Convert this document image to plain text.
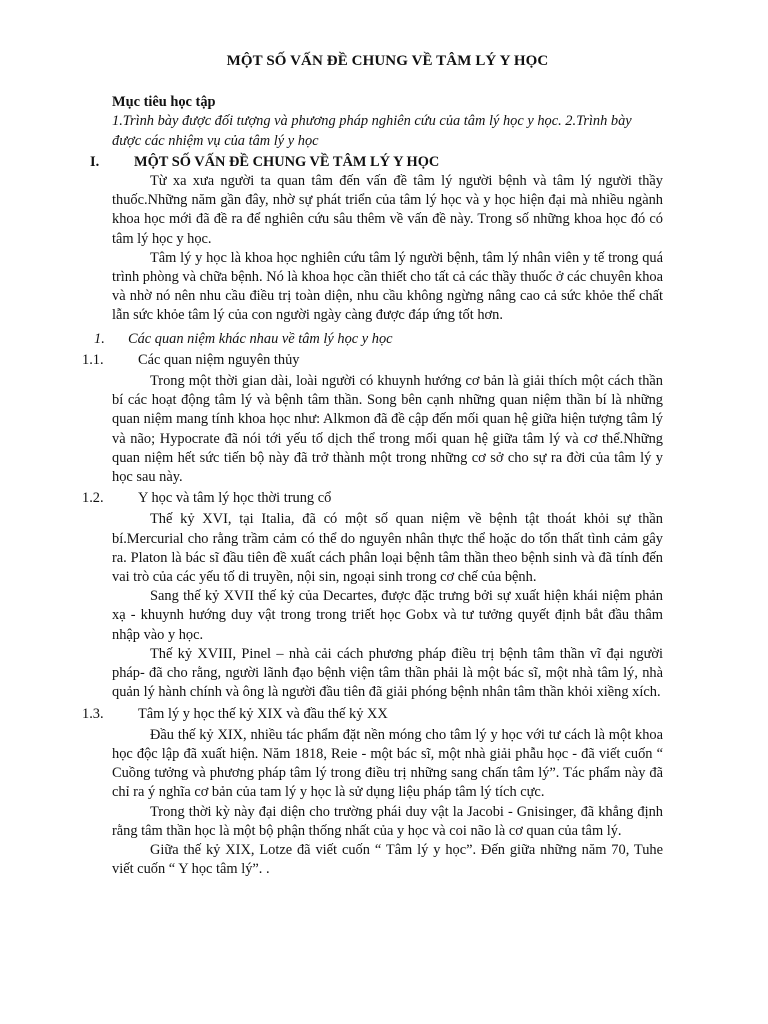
MỘT SỐ VẤN ĐỀ CHUNG VỀ TÂM LÝ Y HỌC
Mục tiêu học tập
1.Trình bày được đối tượng và phương pháp nghiên cứu của tâm lý học y học. 2.Trình bày được các nhiệm vụ của tâm lý y học
I.	MỘT SỐ VẤN ĐỀ CHUNG VỀ TÂM LÝ Y HỌC

Từ xa xưa người ta quan tâm đến vấn đề tâm lý người bệnh và tâm lý người thầy thuốc.Những năm gần đây, nhờ sự phát triển của tâm lý học và y học hiện đại mà nhiều ngành khoa học mới đã đề ra để nghiên cứu sâu thêm về vấn đề này. Trong số những khoa học đó có tâm lý học y học.

Tâm lý y học là khoa học nghiên cứu tâm lý người bệnh, tâm lý nhân viên y tế trong quá trình phòng và chữa bệnh. Nó là khoa học cần thiết cho tất cả các thầy thuốc ở các chuyên khoa và nhờ nó nên nhu cầu điều trị toàn diện, nhu cầu không ngừng nâng cao cả sức khỏe thể chất lẫn sức khỏe tâm lý của con người ngày càng được đáp ứng tốt hơn.

1.	Các quan niệm khác nhau về tâm lý học y học
1.1.	Các quan niệm nguyên thủy

Trong một thời gian dài, loài người có khuynh hướng cơ bản là giải thích một cách thần bí các hoạt động tâm lý và bệnh tâm thần. Song bên cạnh những quan niệm thần bí là những quan niệm mang tính khoa học như: Alkmon đã đề cập đến mối quan hệ giữa hiện tượng tâm lý và não; Hypocrate đã nói tới yếu tố dịch thể trong mối quan hệ giữa tâm lý và cơ thể.Những quan niệm hết sức tiến bộ này đã trở thành một trong những cơ sở cho sự ra đời của tâm lý y học sau này.

1.2.	Y học và tâm lý học thời trung cổ

Thế kỷ XVI, tại Italia, đã có một số quan niệm về bệnh tật thoát khỏi sự thần bí.Mercurial cho rằng trầm cảm có thể do nguyên nhân thực thể hoặc do tổn thất tình cảm gây ra. Platon là bác sĩ đầu tiên đề xuất cách phân loại bệnh tâm thần theo bệnh sinh và đã tính đến vai trò của các yếu tố di truyền, nội sin, ngoại sinh trong cơ chế của bệnh.

Sang thế kỷ XVII thế kỷ của Decartes, được đặc trưng bởi sự xuất hiện khái niệm phản xạ - khuynh hướng duy vật trong trong triết học Gobx và tư tưởng quyết định bắt đầu thâm nhập vào y học.

Thế kỷ XVIII, Pinel – nhà cải cách phương pháp điều trị bệnh tâm thần vĩ đại người pháp- đã cho rằng, người lãnh đạo bệnh viện tâm thần phải là một bác sĩ, một nhà tâm lý, nhà quản lý hành chính và ông là người đầu tiên đã giải phóng bệnh nhân tâm thần khỏi xiềng xích.

1.3.	Tâm lý y học thế kỷ XIX và đầu thế kỷ XX

Đầu thế kỷ XIX, nhiều tác phẩm đặt nền móng cho tâm lý y học với tư cách là một khoa học độc lập đã xuất hiện. Năm 1818, Reie - một bác sĩ, một nhà giải phẫu học - đã viết cuốn “ Cuồng tưởng và phương pháp tâm lý trong điều trị những sang chấn tâm lý”. Tác phẩm này đã chỉ ra ý nghĩa cơ bản của tam lý y học là sử dụng liệu pháp tâm lý tích cực.

Trong thời kỳ này đại diện cho trường phái duy vật la Jacobi - Gnisinger, đã khẳng định rằng tâm thần học là một bộ phận thống nhất của y học và coi não là cơ quan của tâm lý.

Giữa thế kỷ XIX, Lotze đã viết cuốn “ Tâm lý y học”. Đến giữa những năm 70, Tuhe viết cuốn “ Y học tâm lý”. .
